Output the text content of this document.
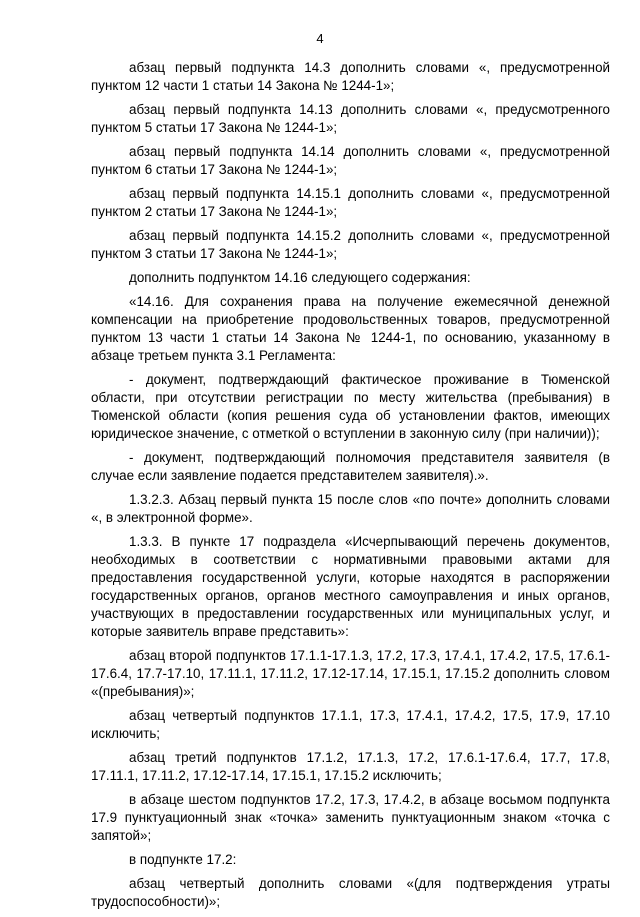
4

абзац первый подпункта 14.3 дополнить словами «, предусмотренной пунктом 12 части 1 статьи 14 Закона № 1244-1»;

абзац первый подпункта 14.13 дополнить словами «, предусмотренного пунктом 5 статьи 17 Закона № 1244-1»;

абзац первый подпункта 14.14 дополнить словами «, предусмотренной пунктом 6 статьи 17 Закона № 1244-1»;

абзац первый подпункта 14.15.1 дополнить словами «, предусмотренной пунктом 2 статьи 17 Закона № 1244-1»;

абзац первый подпункта 14.15.2 дополнить словами «, предусмотренной пунктом 3 статьи 17 Закона № 1244-1»;

дополнить подпунктом 14.16 следующего содержания:

«14.16. Для сохранения права на получение ежемесячной денежной компенсации на приобретение продовольственных товаров, предусмотренной пунктом 13 части 1 статьи 14 Закона № 1244-1, по основанию, указанному в абзаце третьем пункта 3.1 Регламента:

- документ, подтверждающий фактическое проживание в Тюменской области, при отсутствии регистрации по месту жительства (пребывания) в Тюменской области (копия решения суда об установлении фактов, имеющих юридическое значение, с отметкой о вступлении в законную силу (при наличии));

- документ, подтверждающий полномочия представителя заявителя (в случае если заявление подается представителем заявителя).».

1.3.2.3. Абзац первый пункта 15 после слов «по почте» дополнить словами «, в электронной форме».

1.3.3. В пункте 17 подраздела «Исчерпывающий перечень документов, необходимых в соответствии с нормативными правовыми актами для предоставления государственной услуги, которые находятся в распоряжении государственных органов, органов местного самоуправления и иных органов, участвующих в предоставлении государственных или муниципальных услуг, и которые заявитель вправе представить»:

абзац второй подпунктов 17.1.1-17.1.3, 17.2, 17.3, 17.4.1, 17.4.2, 17.5, 17.6.1-17.6.4, 17.7-17.10, 17.11.1, 17.11.2, 17.12-17.14, 17.15.1, 17.15.2 дополнить словом «(пребывания)»;

абзац четвертый подпунктов 17.1.1, 17.3, 17.4.1, 17.4.2, 17.5, 17.9, 17.10 исключить;

абзац третий подпунктов 17.1.2, 17.1.3, 17.2, 17.6.1-17.6.4, 17.7, 17.8, 17.11.1, 17.11.2, 17.12-17.14, 17.15.1, 17.15.2 исключить;

в абзаце шестом подпунктов 17.2, 17.3, 17.4.2, в абзаце восьмом подпункта 17.9 пунктуационный знак «точка» заменить пунктуационным знаком «точка с запятой»;

в подпункте 17.2:

абзац четвертый дополнить словами «(для подтверждения утраты трудоспособности)»;
